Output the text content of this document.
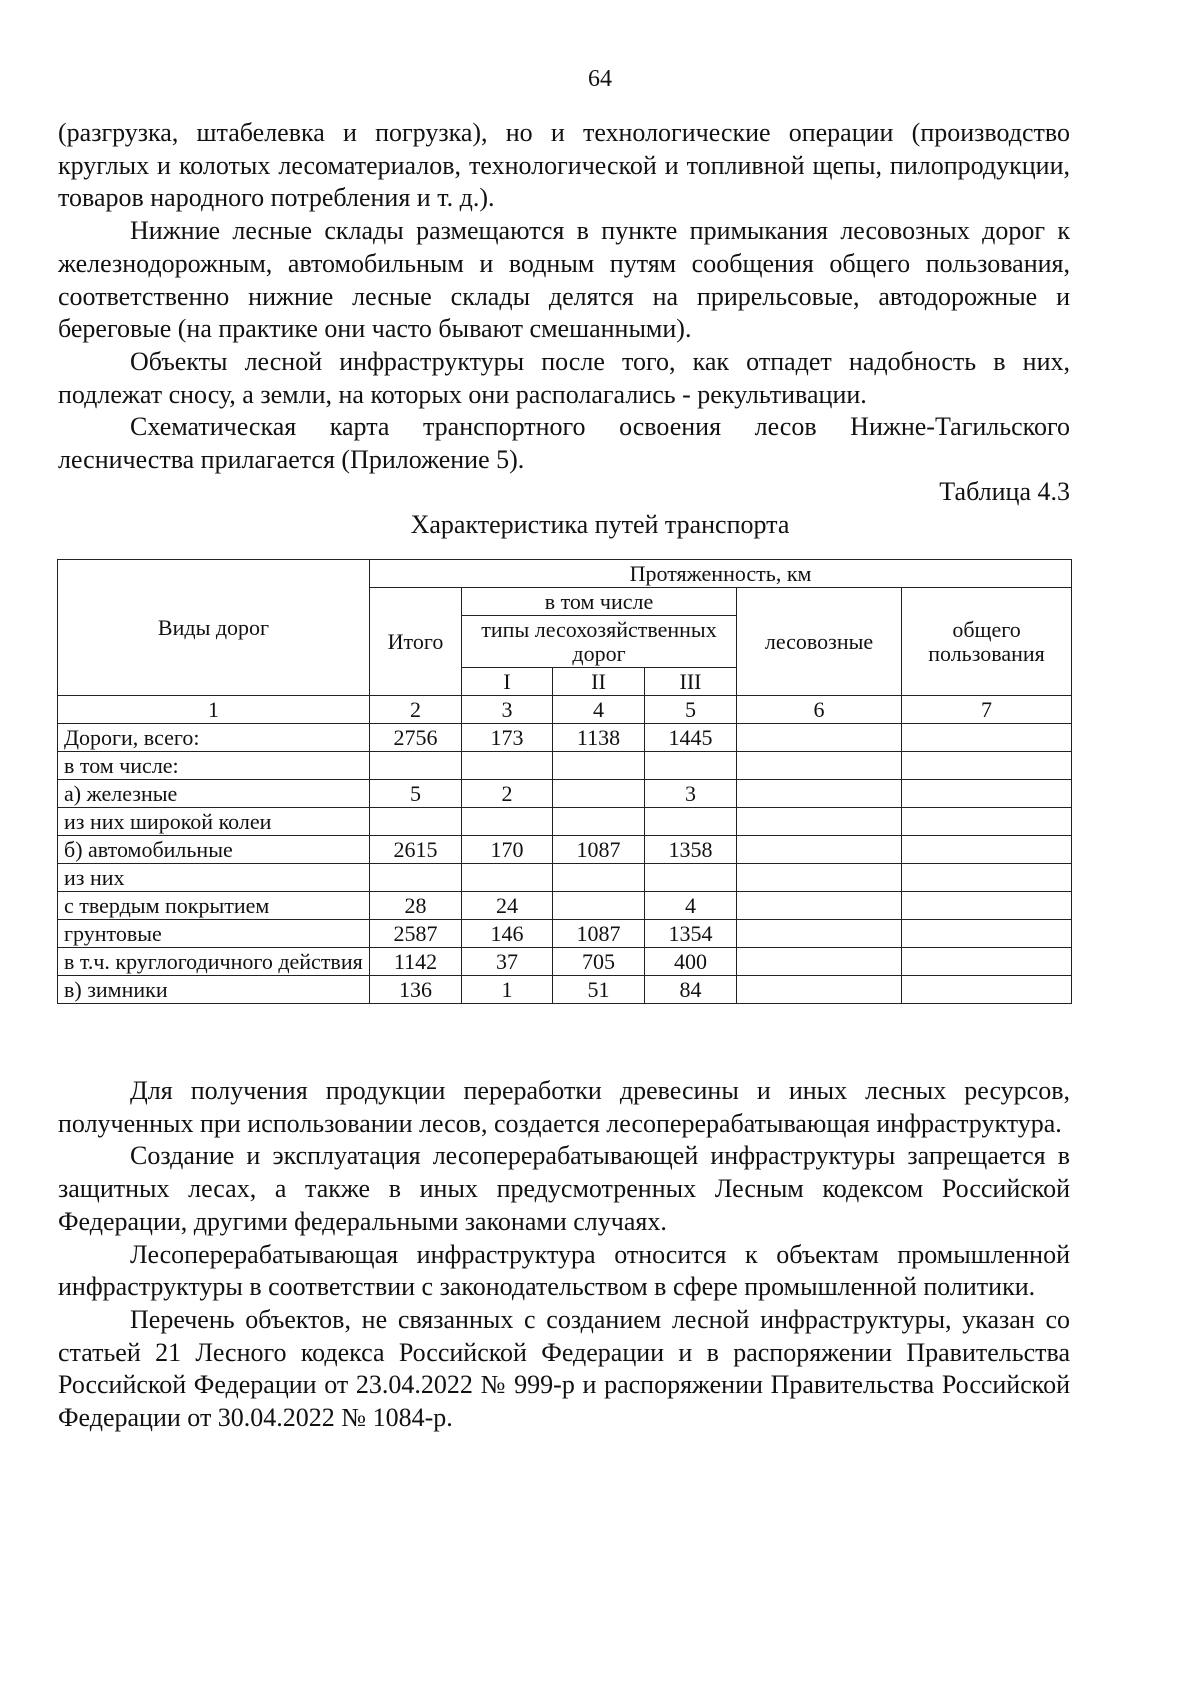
64

(разгрузка, штабелевка и погрузка), но и технологические операции (производство круглых и колотых лесоматериалов, технологической и топливной щепы, пилопродукции, товаров народного потребления и т. д.).

Нижние лесные склады размещаются в пункте примыкания лесовозных дорог к железнодорожным, автомобильным и водным путям сообщения общего пользования, соответственно нижние лесные склады делятся на прирельсовые, автодорожные и береговые (на практике они часто бывают смешанными).

Объекты лесной инфраструктуры после того, как отпадет надобность в них, подлежат сносу, а земли, на которых они располагались - рекультивации.

Схематическая карта транспортного освоения лесов Нижне-Тагильского лесничества прилагается (Приложение 5).

Таблица 4.3
Характеристика путей транспорта
Виды дорог	Протяженность, км					
	Итого	в том числе			лесовозные	общего пользования
		типы лесохозяйственных дорог				
		I	II	III		
1	2	3	4	5	6	7
Дороги, всего:	2756	173	1138	1445		
в том числе:						
а) железные	5	2		3		
из них широкой колеи						
б) автомобильные	2615	170	1087	1358		
из них						
с твердым покрытием	28	24		4		
грунтовые	2587	146	1087	1354		
в т.ч. круглогодичного действия	1142	37	705	400		
в) зимники	136	1	51	84		

Для получения продукции переработки древесины и иных лесных ресурсов, полученных при использовании лесов, создается лесоперерабатывающая инфраструктура.

Создание и эксплуатация лесоперерабатывающей инфраструктуры запрещается в защитных лесах, а также в иных предусмотренных Лесным кодексом Российской Федерации, другими федеральными законами случаях.

Лесоперерабатывающая инфраструктура относится к объектам промышленной инфраструктуры в соответствии с законодательством в сфере промышленной политики.

Перечень объектов, не связанных с созданием лесной инфраструктуры, указан со статьей 21 Лесного кодекса Российской Федерации и в распоряжении Правительства Российской Федерации от 23.04.2022 № 999-р и распоряжении Правительства Российской Федерации от 30.04.2022 № 1084-р.
